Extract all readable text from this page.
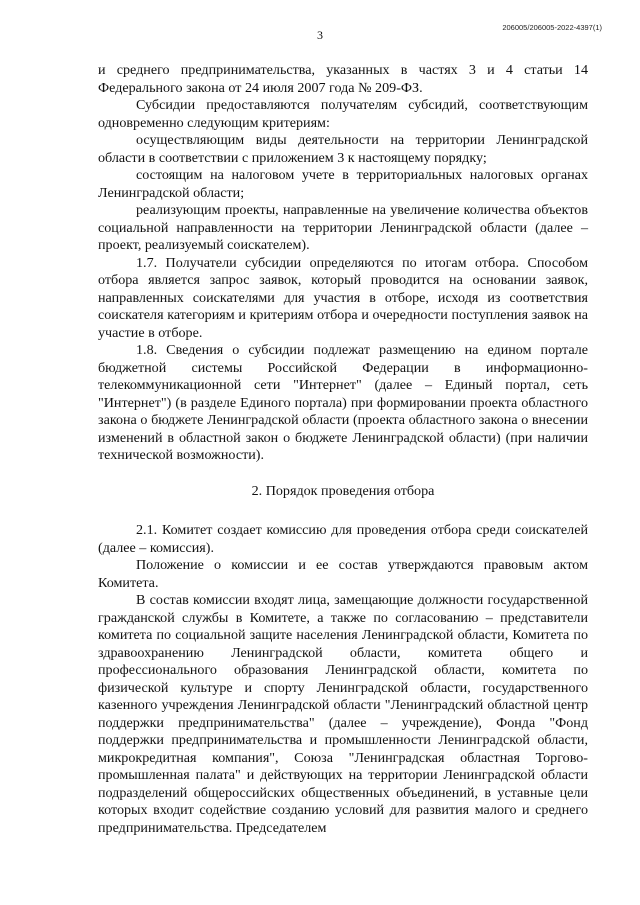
3
206005/206005-2022-4397(1)

и среднего предпринимательства, указанных в частях 3 и 4 статьи 14 Федерального закона от 24 июля 2007 года № 209-ФЗ.

Субсидии предоставляются получателям субсидий, соответствующим одновременно следующим критериям:

осуществляющим виды деятельности на территории Ленинградской области в соответствии с приложением 3 к настоящему порядку;

состоящим на налоговом учете в территориальных налоговых органах Ленинградской области;

реализующим проекты, направленные на увеличение количества объектов социальной направленности на территории Ленинградской области (далее – проект, реализуемый соискателем).

1.7. Получатели субсидии определяются по итогам отбора. Способом отбора является запрос заявок, который проводится на основании заявок, направленных соискателями для участия в отборе, исходя из соответствия соискателя категориям и критериям отбора и очередности поступления заявок на участие в отборе.

1.8. Сведения о субсидии подлежат размещению на едином портале бюджетной системы Российской Федерации в информационно-телекоммуникационной сети "Интернет" (далее – Единый портал, сеть "Интернет") (в разделе Единого портала) при формировании проекта областного закона о бюджете Ленинградской области (проекта областного закона о внесении изменений в областной закон о бюджете Ленинградской области) (при наличии технической возможности).

2. Порядок проведения отбора

2.1. Комитет создает комиссию для проведения отбора среди соискателей (далее – комиссия).

Положение о комиссии и ее состав утверждаются правовым актом Комитета.

В состав комиссии входят лица, замещающие должности государственной гражданской службы в Комитете, а также по согласованию – представители комитета по социальной защите населения Ленинградской области, Комитета по здравоохранению Ленинградской области, комитета общего и профессионального образования Ленинградской области, комитета по физической культуре и спорту Ленинградской области, государственного казенного учреждения Ленинградской области "Ленинградский областной центр поддержки предпринимательства" (далее – учреждение), Фонда "Фонд поддержки предпринимательства и промышленности Ленинградской области, микрокредитная компания", Союза "Ленинградская областная Торгово-промышленная палата" и действующих на территории Ленинградской области подразделений общероссийских общественных объединений, в уставные цели которых входит содействие созданию условий для развития малого и среднего предпринимательства. Председателем
